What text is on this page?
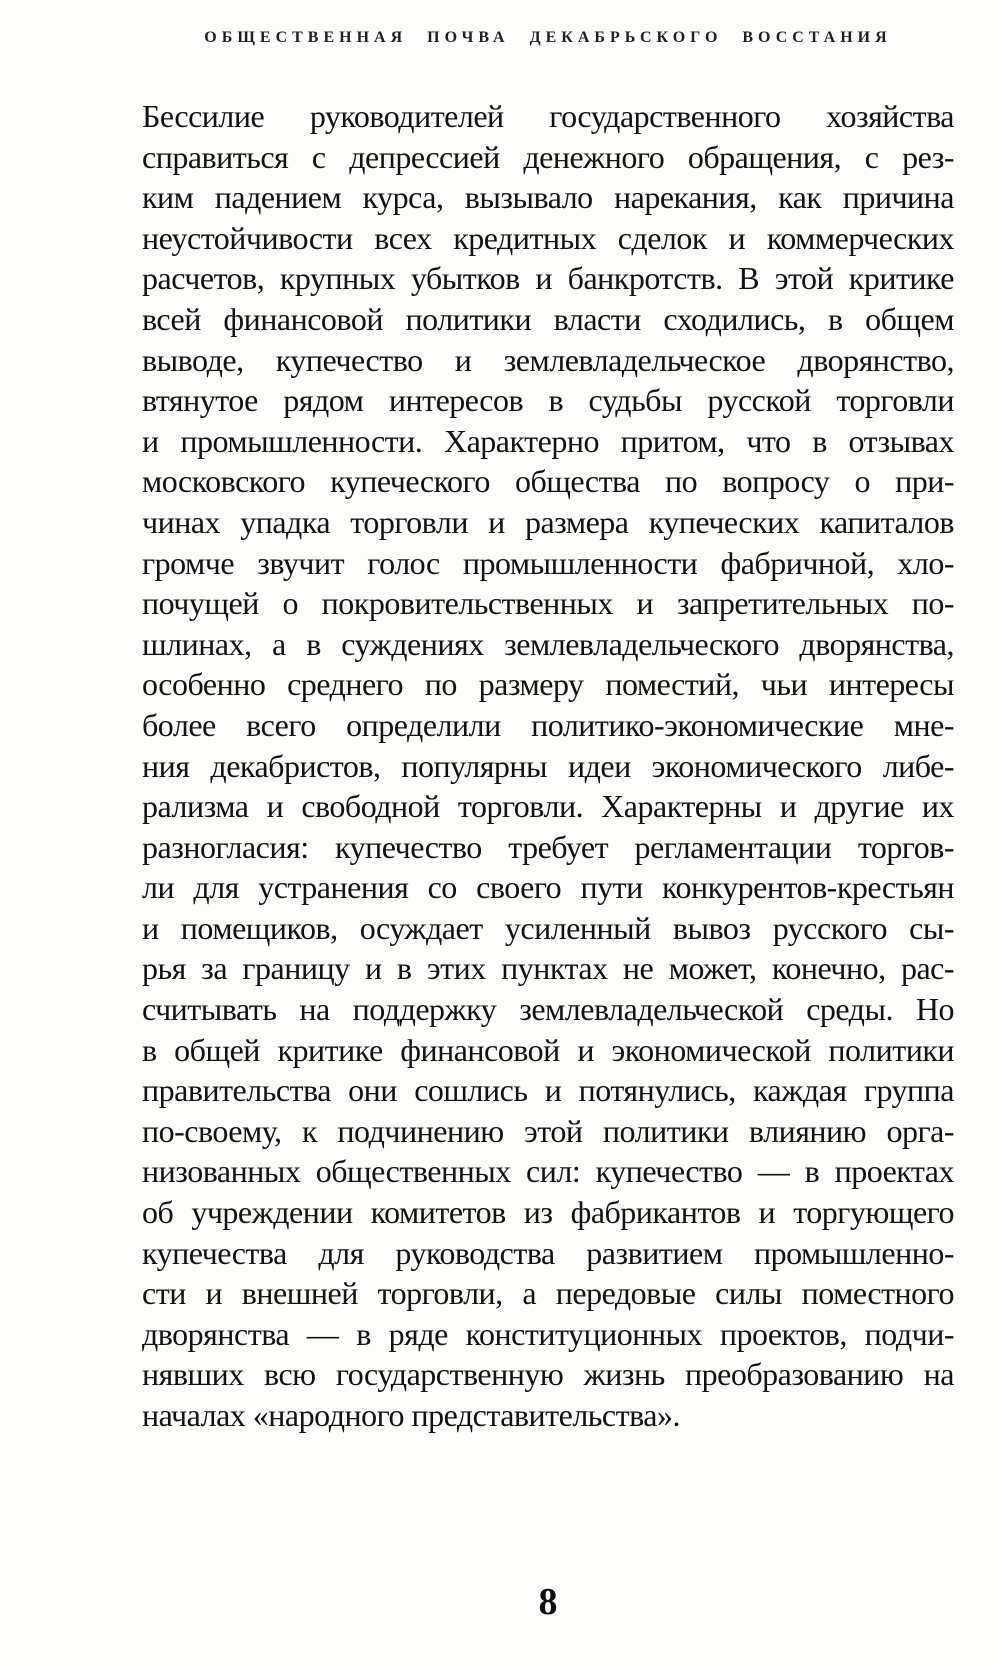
ОБЩЕСТВЕННАЯ ПОЧВА ДЕКАБРЬСКОГО ВОССТАНИЯ
Бессилие руководителей государственного хозяйства
справиться с депрессией денежного обращения, с рез-
ким падением курса, вызывало нарекания, как причина
неустойчивости всех кредитных сделок и коммерческих
расчетов, крупных убытков и банкротств. В этой критике
всей финансовой политики власти сходились, в общем
выводе, купечество и землевладельческое дворянство,
втянутое рядом интересов в судьбы русской торговли
и промышленности. Характерно притом, что в отзывах
московского купеческого общества по вопросу о при-
чинах упадка торговли и размера купеческих капиталов
громче звучит голос промышленности фабричной, хло-
почущей о покровительственных и запретительных по-
шлинах, а в суждениях землевладельческого дворянства,
особенно среднего по размеру поместий, чьи интересы
более всего определили политико-экономические мне-
ния декабристов, популярны идеи экономического либе-
рализма и свободной торговли. Характерны и другие их
разногласия: купечество требует регламентации торгов-
ли для устранения со своего пути конкурентов-крестьян
и помещиков, осуждает усиленный вывоз русского сы-
рья за границу и в этих пунктах не может, конечно, рас-
считывать на поддержку землевладельческой среды. Но
в общей критике финансовой и экономической политики
правительства они сошлись и потянулись, каждая группа
по-своему, к подчинению этой политики влиянию орга-
низованных общественных сил: купечество — в проектах
об учреждении комитетов из фабрикантов и торгующего
купечества для руководства развитием промышленно-
сти и внешней торговли, а передовые силы поместного
дворянства — в ряде конституционных проектов, подчи-
нявших всю государственную жизнь преобразованию на
началах «народного представительства».
8
